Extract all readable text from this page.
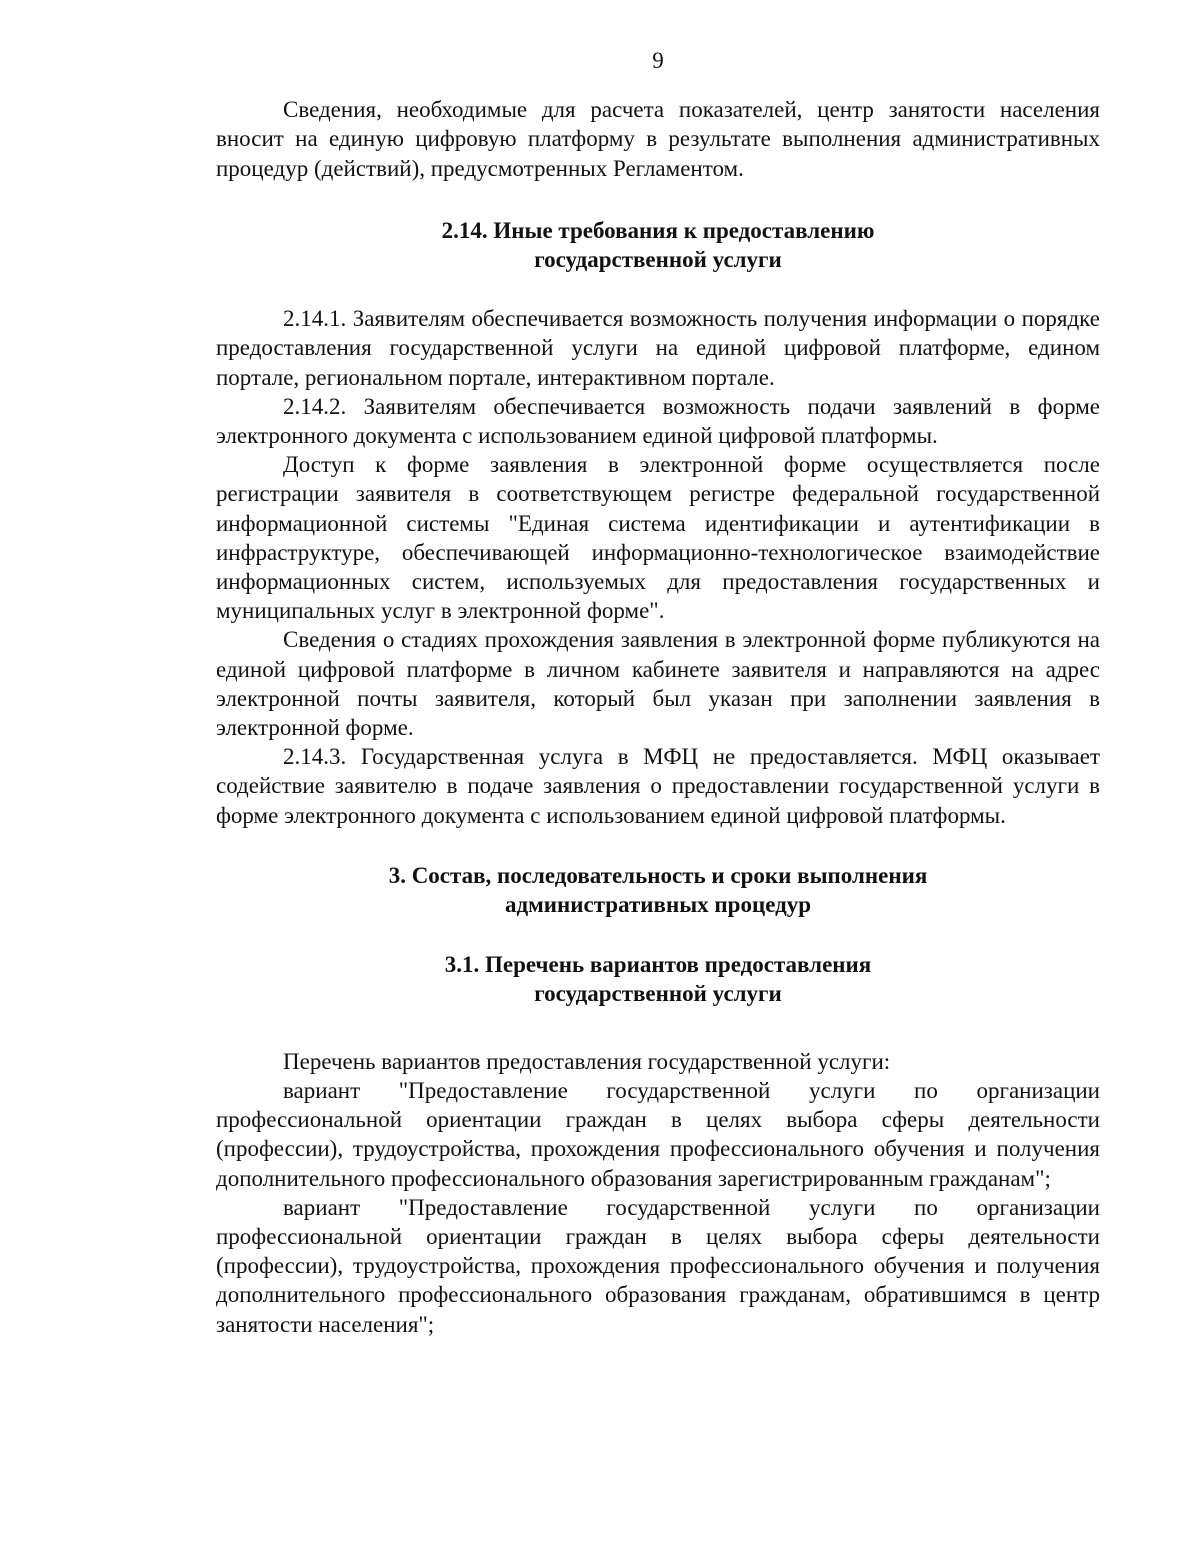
9

Сведения, необходимые для расчета показателей, центр занятости населения вносит на единую цифровую платформу в результате выполнения административных процедур (действий), предусмотренных Регламентом.

2.14. Иные требования к предоставлению
государственной услуги

2.14.1. Заявителям обеспечивается возможность получения информации о порядке предоставления государственной услуги на единой цифровой платформе, едином портале, региональном портале, интерактивном портале.

2.14.2. Заявителям обеспечивается возможность подачи заявлений в форме электронного документа с использованием единой цифровой платформы.

Доступ к форме заявления в электронной форме осуществляется после регистрации заявителя в соответствующем регистре федеральной государственной информационной системы "Единая система идентификации и аутентификации в инфраструктуре, обеспечивающей информационно-технологическое взаимодействие информационных систем, используемых для предоставления государственных и муниципальных услуг в электронной форме".

Сведения о стадиях прохождения заявления в электронной форме публикуются на единой цифровой платформе в личном кабинете заявителя и направляются на адрес электронной почты заявителя, который был указан при заполнении заявления в электронной форме.

2.14.3. Государственная услуга в МФЦ не предоставляется. МФЦ оказывает содействие заявителю в подаче заявления о предоставлении государственной услуги в форме электронного документа с использованием единой цифровой платформы.

3. Состав, последовательность и сроки выполнения
административных процедур
3.1. Перечень вариантов предоставления
государственной услуги

Перечень вариантов предоставления государственной услуги:

вариант "Предоставление государственной услуги по организации профессиональной ориентации граждан в целях выбора сферы деятельности (профессии), трудоустройства, прохождения профессионального обучения и получения дополнительного профессионального образования зарегистрированным гражданам";

вариант "Предоставление государственной услуги по организации профессиональной ориентации граждан в целях выбора сферы деятельности (профессии), трудоустройства, прохождения профессионального обучения и получения дополнительного профессионального образования гражданам, обратившимся в центр занятости населения";
